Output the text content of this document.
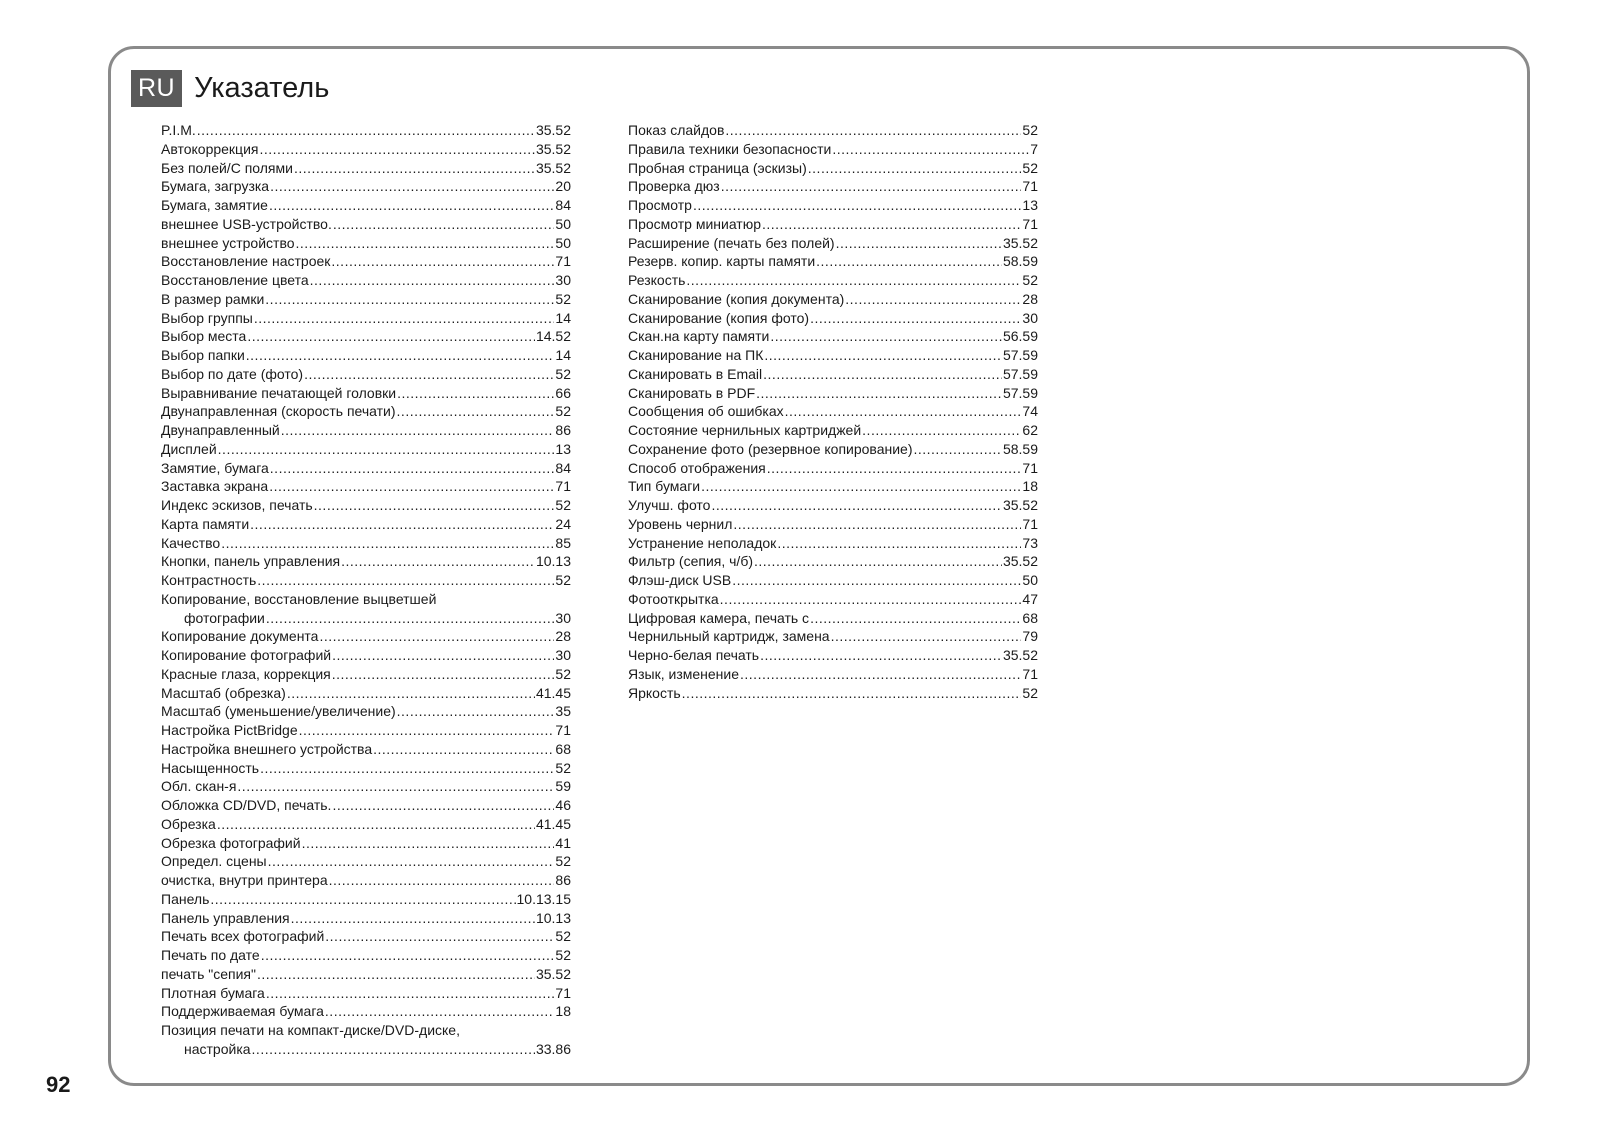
RU Указатель
P.I.M. .....	35.52
Автокоррекция .....	35.52
Без полей/С полями .....	35.52
Бумага, загрузка .....	20
Бумага, замятие .....	84
внешнее USB-устройство. .....	50
внешнее устройство .....	50
Восстановление настроек .....	71
Восстановление цвета .....	30
В размер рамки .....	52
Выбор группы .....	14
Выбор места .....	14.52
Выбор папки .....	14
Выбор по дате (фото) .....	52
Выравнивание печатающей головки .....	66
Двунаправленная (скорость печати) .....	52
Двунаправленный .....	86
Дисплей .....	13
Замятие, бумага .....	84
Заставка экрана .....	71
Индекс эскизов, печать .....	52
Карта памяти .....	24
Качество .....	85
Кнопки, панель управления .....	10.13
Контрастность .....	52
Копирование, восстановление выцветшей
фотографии .....	30
Копирование документа .....	28
Копирование фотографий .....	30
Красные глаза, коррекция .....	52
Масштаб (обрезка) .....	41.45
Масштаб (уменьшение/увеличение) .....	35
Настройка PictBridge .....	71
Настройка внешнего устройства .....	68
Насыщенность .....	52
Обл. скан-я .....	59
Обложка CD/DVD, печать. .....	46
Обрезка .....	41.45
Обрезка фотографий .....	41
Определ. сцены .....	52
очистка, внутри принтера .....	86
Панель .....	10.13.15
Панель управления .....	10.13
Печать всех фотографий .....	52
Печать по дате .....	52
печать "сепия" .....	35.52
Плотная бумага .....	71
Поддерживаемая бумага .....	18
Позиция печати на компакт-диске/DVD-диске,
настройка .....	33.86
Показ слайдов .....	52
Правила техники безопасности .....	7
Пробная страница (эскизы) .....	52
Проверка дюз .....	71
Просмотр .....	13
Просмотр миниатюр .....	71
Расширение (печать без полей) .....	35.52
Резерв. копир. карты памяти .....	58.59
Резкость .....	52
Сканирование (копия документа) .....	28
Сканирование (копия фото) .....	30
Скан.на карту памяти .....	56.59
Сканирование на ПК .....	57.59
Сканировать в Email .....	57.59
Сканировать в PDF .....	57.59
Сообщения об ошибках .....	74
Состояние чернильных картриджей .....	62
Сохранение фото (резервное копирование) .....	58.59
Способ отображения .....	71
Тип бумаги .....	18
Улучш. фото .....	35.52
Уровень чернил .....	71
Устранение неполадок .....	73
Фильтр (сепия, ч/б) .....	35.52
Флэш-диск USB .....	50
Фотооткрытка .....	47
Цифровая камера, печать с .....	68
Чернильный картридж, замена .....	79
Черно-белая печать .....	35.52
Язык, изменение .....	71
Яркость .....	52
92
